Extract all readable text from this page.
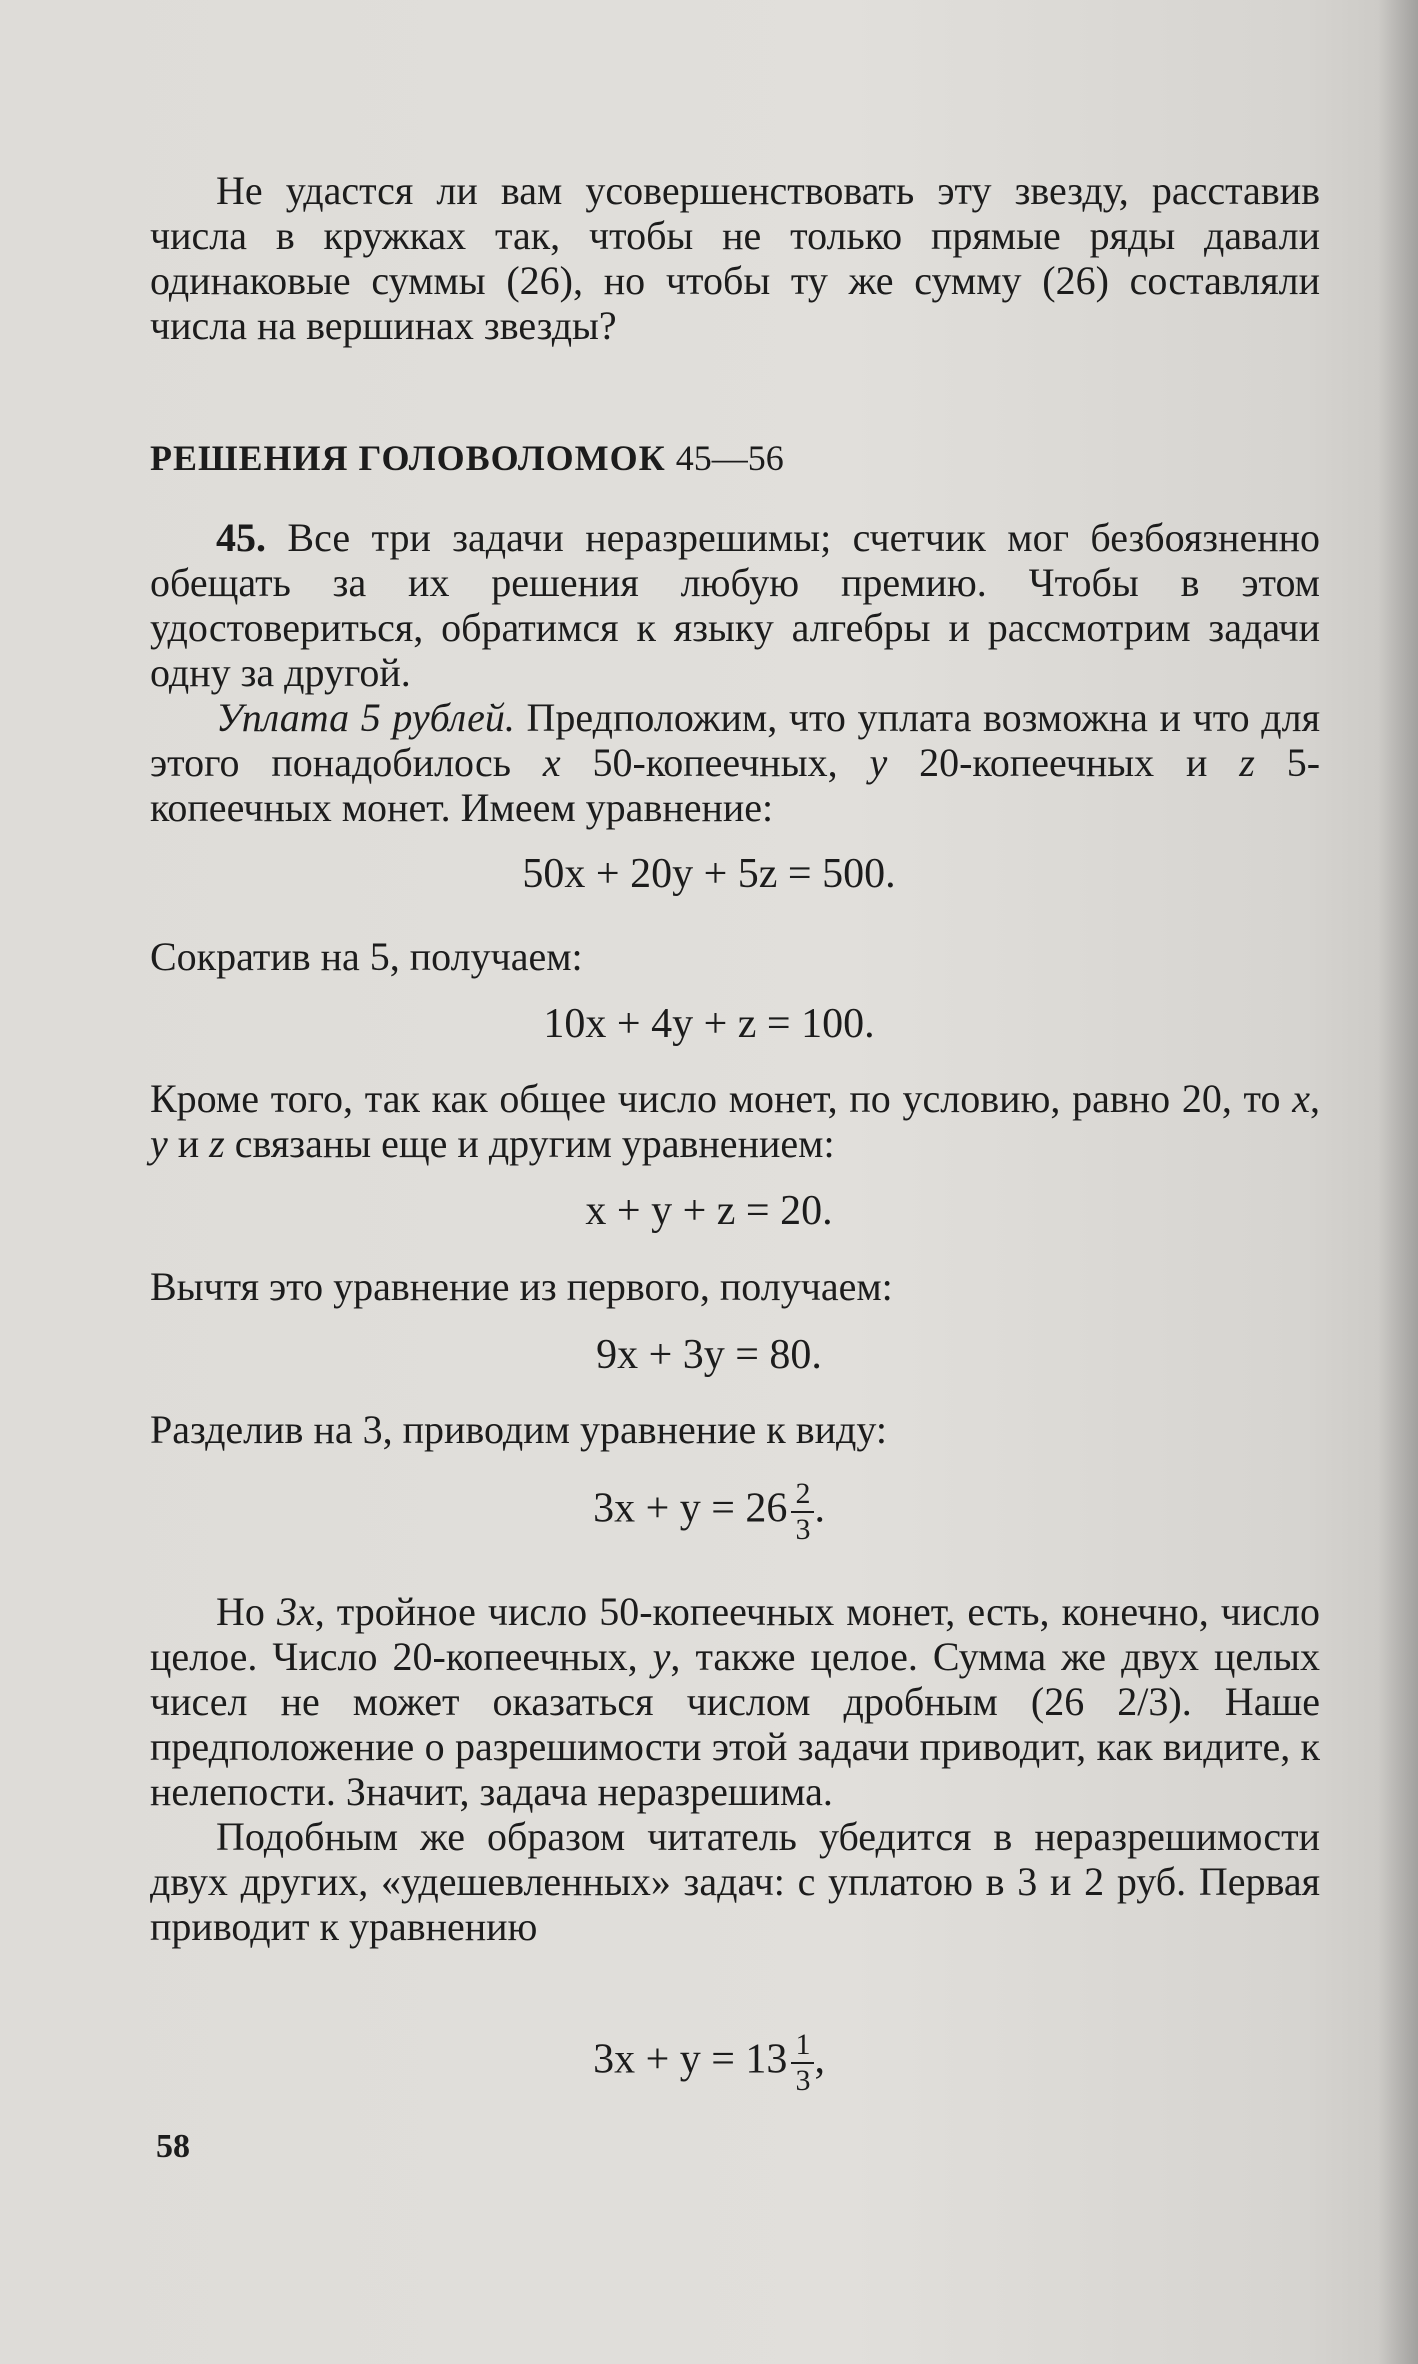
Не удастся ли вам усовершенствовать эту звезду, расставив числа в кружках так, чтобы не только прямые ряды давали одинаковые суммы (26), но чтобы ту же сумму (26) составляли числа на вершинах звезды?

РЕШЕНИЯ ГОЛОВОЛОМОК 45—56

45. Все три задачи неразрешимы; счетчик мог безбоязненно обещать за их решения любую премию. Чтобы в этом удостовериться, обратимся к языку алгебры и рассмотрим задачи одну за другой.

Уплата 5 рублей. Предположим, что уплата возможна и что для этого понадобилось x 50-копеечных, y 20-копеечных и z 5-копеечных монет. Имеем уравнение:

50x + 20y + 5z = 500.

Сократив на 5, получаем:

10x + 4y + z = 100.

Кроме того, так как общее число монет, по условию, равно 20, то x, y и z связаны еще и другим уравнением:

x + y + z = 20.

Вычтя это уравнение из первого, получаем:

9x + 3y = 80.

Разделив на 3, приводим уравнение к виду:

$3x + y = 26 \frac{2}{3}$ .

Но 3x, тройное число 50-копеечных монет, есть, конечно, число целое. Число 20-копеечных, y, также целое. Сумма же двух целых чисел не может оказаться числом дробным (26 2/3). Наше предположение о разрешимости этой задачи приводит, как видите, к нелепости. Значит, задача неразрешима.

Подобным же образом читатель убедится в неразрешимости двух других, «удешевленных» задач: с уплатою в 3 и 2 руб. Первая приводит к уравнению

$3x + y = 13 \frac{1}{3}$ ,
58
